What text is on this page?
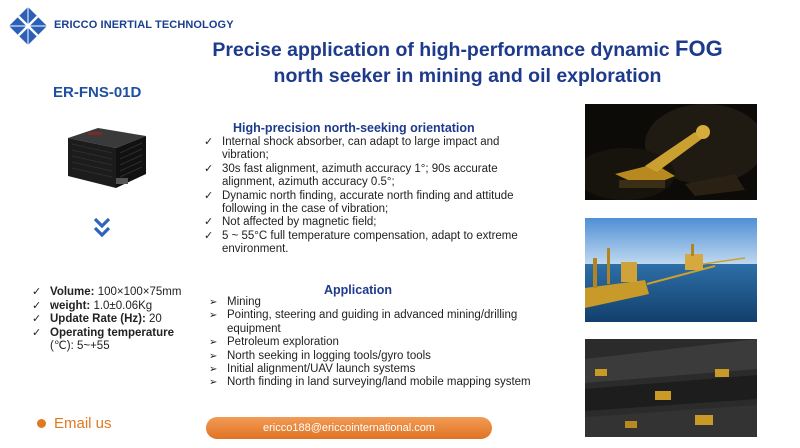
ERICCO INERTIAL TECHNOLOGY
Precise application of high-performance dynamic FOG
north seeker in mining and oil exploration
ER-FNS-01D
✓ Volume: 100×100×75mm
✓ weight: 1.0±0.06Kg
✓ Update Rate (Hz): 20
✓ Operating temperature
(℃): 5~+55
Email us
High-precision north-seeking orientation
✓ Internal shock absorber, can adapt to large impact and vibration;
✓ 30s fast alignment, azimuth accuracy 1°; 90s accurate alignment, azimuth accuracy 0.5°;
✓ Dynamic north finding, accurate north finding and attitude following in the case of vibration;
✓ Not affected by magnetic field;
✓ 5 ~ 55°C full temperature compensation, adapt to extreme environment.
Application
➢ Mining
➢ Pointing, steering and guiding in advanced mining/drilling equipment
➢ Petroleum exploration
➢ North seeking in logging tools/gyro tools
➢ Initial alignment/UAV launch systems
➢ North finding in land surveying/land mobile mapping system
ericco188@ericcointernational.com
